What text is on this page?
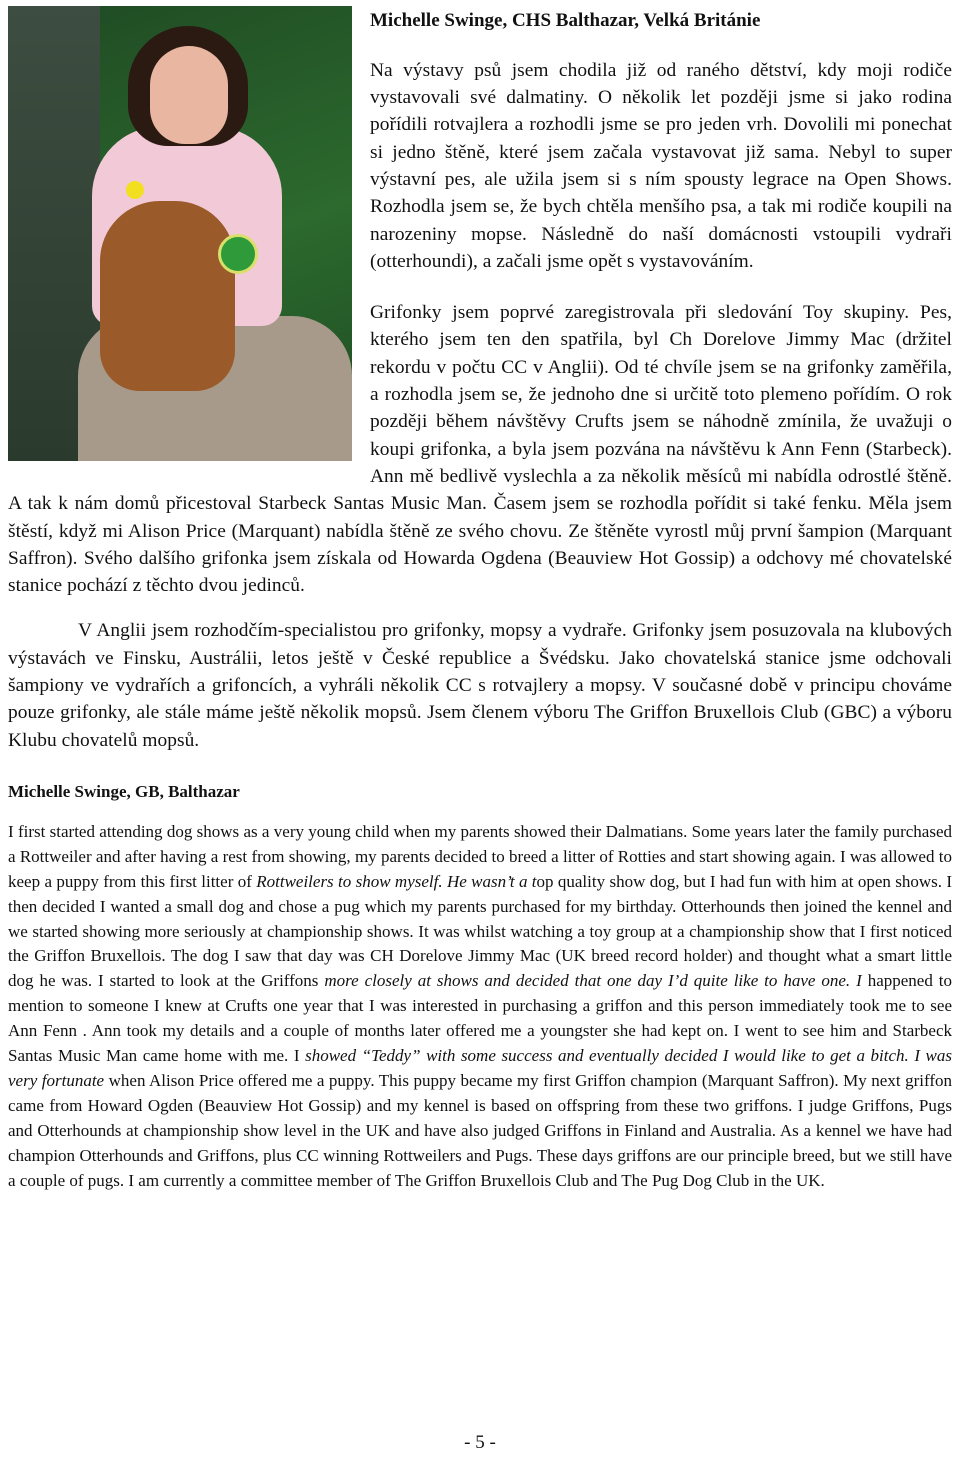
Michelle Swinge, CHS Balthazar, Velká Británie

Na výstavy psů jsem chodila již od raného dětství, kdy moji rodiče vystavovali své dalmatiny. O několik let později jsme si jako rodina pořídili rotvajlera a rozhodli jsme se pro jeden vrh. Dovolili mi ponechat si jedno štěně, které jsem začala vystavovat již sama. Nebyl to super výstavní pes, ale užila jsem si s ním spousty legrace na Open Shows. Rozhodla jsem se, že bych chtěla menšího psa, a tak mi rodiče koupili na narozeniny mopse. Následně do naší domácnosti vstoupili vydraři (otterhoundi), a začali jsme opět s vystavováním.

Grifonky jsem poprvé zaregistrovala při sledování Toy skupiny. Pes, kterého jsem ten den spatřila, byl Ch Dorelove Jimmy Mac (držitel rekordu v počtu CC v Anglii). Od té chvíle jsem se na grifonky zaměřila, a rozhodla jsem se, že jednoho dne si určitě toto plemeno pořídím. O rok později během návštěvy Crufts jsem se náhodně zmínila, že uvažuji o koupi grifonka, a byla jsem pozvána na návštěvu k Ann Fenn (Starbeck). Ann mě bedlivě vyslechla a za několik měsíců mi nabídla odrostlé štěně. A tak k nám domů přicestoval Starbeck Santas Music Man. Časem jsem se rozhodla pořídit si také fenku. Měla jsem štěstí, když mi Alison Price (Marquant) nabídla štěně ze svého chovu. Ze štěněte vyrostl můj první šampion (Marquant Saffron). Svého dalšího grifonka jsem získala od Howarda Ogdena (Beauview Hot Gossip) a odchovy mé chovatelské stanice pochází z těchto dvou jedinců.

V Anglii jsem rozhodčím-specialistou pro grifonky, mopsy a vydraře. Grifonky jsem posuzovala na klubových výstavách ve Finsku, Austrálii, letos ještě v České republice a Švédsku. Jako chovatelská stanice jsme odchovali šampiony ve vydrařích a grifoncích, a vyhráli několik CC s rotvajlery a mopsy. V současné době v principu chováme pouze grifonky, ale stále máme ještě několik mopsů. Jsem členem výboru The Griffon Bruxellois Club (GBC) a výboru Klubu chovatelů mopsů.

Michelle Swinge, GB, Balthazar

I first started attending dog shows as a very young child when my parents showed their Dalmatians. Some years later the family purchased a Rottweiler and after having a rest from showing, my parents decided to breed a litter of Rotties and start showing again. I was allowed to keep a puppy from this first litter of Rottweilers to show myself. He wasn’t a top quality show dog, but I had fun with him at open shows. I then decided I wanted a small dog and chose a pug which my parents purchased for my birthday. Otterhounds then joined the kennel and we started showing more seriously at championship shows. It was whilst watching a toy group at a championship show that I first noticed the Griffon Bruxellois. The dog I saw that day was CH Dorelove Jimmy Mac (UK breed record holder) and thought what a smart little dog he was. I started to look at the Griffons more closely at shows and decided that one day I’d quite like to have one. I happened to mention to someone I knew at Crufts one year that I was interested in purchasing a griffon and this person immediately took me to see Ann Fenn . Ann took my details and a couple of months later offered me a youngster she had kept on. I went to see him and Starbeck Santas Music Man came home with me. I showed “Teddy” with some success and eventually decided I would like to get a bitch. I was very fortunate when Alison Price offered me a puppy. This puppy became my first Griffon champion (Marquant Saffron). My next griffon came from Howard Ogden (Beauview Hot Gossip) and my kennel is based on offspring from these two griffons. I judge Griffons, Pugs and Otterhounds at championship show level in the UK and have also judged Griffons in Finland and Australia. As a kennel we have had champion Otterhounds and Griffons, plus CC winning Rottweilers and Pugs. These days griffons are our principle breed, but we still have a couple of pugs. I am currently a committee member of The Griffon Bruxellois Club and The Pug Dog Club in the UK.

- 5 -
